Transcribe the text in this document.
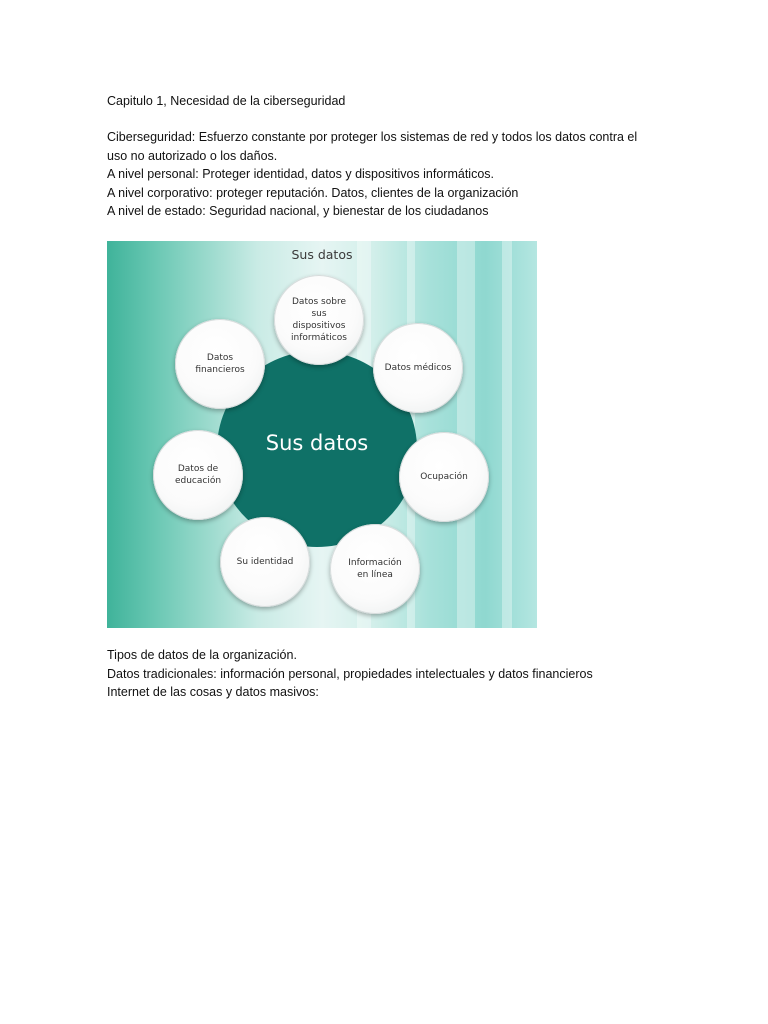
Capitulo 1, Necesidad de la ciberseguridad
Ciberseguridad: Esfuerzo constante por proteger los sistemas de red y todos los datos contra el
uso no autorizado o los daños.
A nivel personal: Proteger identidad, datos y dispositivos informáticos.
A nivel corporativo: proteger reputación. Datos, clientes de la organización
A nivel de estado: Seguridad nacional, y bienestar de los ciudadanos
Sus datos
Sus datos
Datos sobre
sus
dispositivos
informáticos
Datos médicos
Ocupación
Información
en línea
Su identidad
Datos de
educación
Datos
financieros
Tipos de datos de la organización.
Datos tradicionales: información personal, propiedades intelectuales y datos financieros
Internet de las cosas y datos masivos:
